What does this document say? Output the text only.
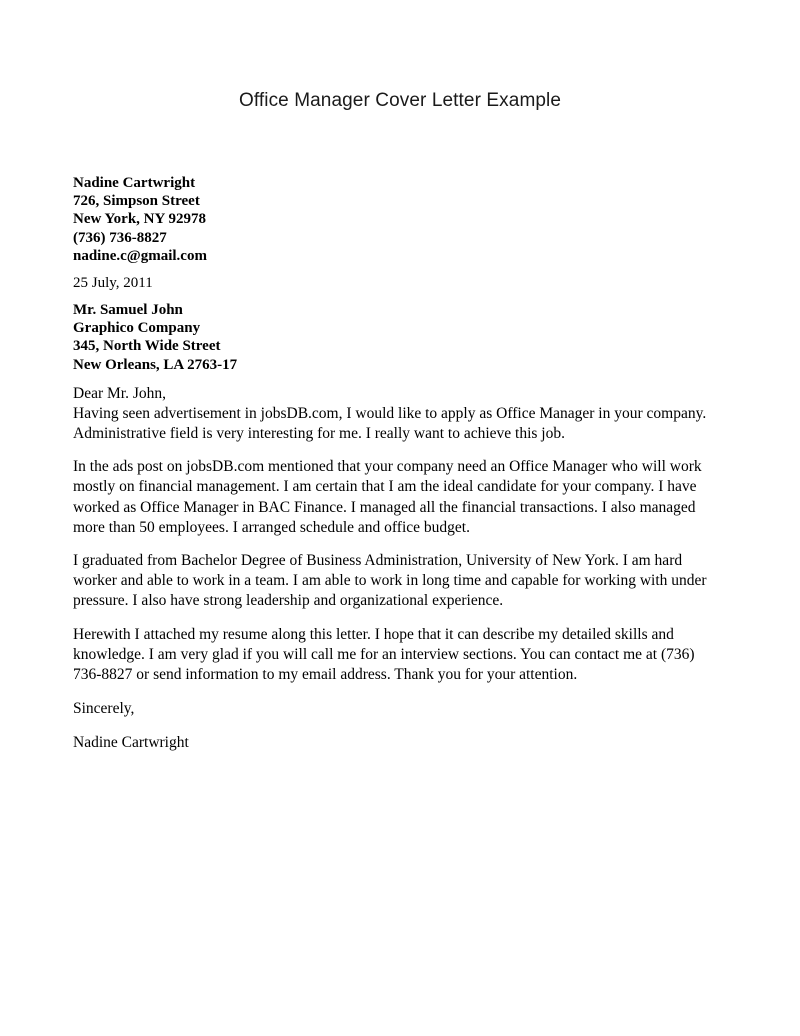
Office Manager Cover Letter Example
Nadine Cartwright
726, Simpson Street
New York, NY 92978
(736) 736-8827
nadine.c@gmail.com
25 July, 2011
Mr. Samuel John
Graphico Company
345, North Wide Street
New Orleans, LA 2763-17
Dear Mr. John,

Having seen advertisement in jobsDB.com, I would like to apply as Office Manager in your company. Administrative field is very interesting for me. I really want to achieve this job.

In the ads post on jobsDB.com mentioned that your company need an Office Manager who will work mostly on financial management. I am certain that I am the ideal candidate for your company. I have worked as Office Manager in BAC Finance. I managed all the financial transactions. I also managed more than 50 employees. I arranged schedule and office budget.

I graduated from Bachelor Degree of Business Administration, University of New York. I am hard worker and able to work in a team. I am able to work in long time and capable for working with under pressure. I also have strong leadership and organizational experience.

Herewith I attached my resume along this letter. I hope that it can describe my detailed skills and knowledge. I am very glad if you will call me for an interview sections. You can contact me at (736) 736-8827 or send information to my email address. Thank you for your attention.

Sincerely,
Nadine Cartwright
